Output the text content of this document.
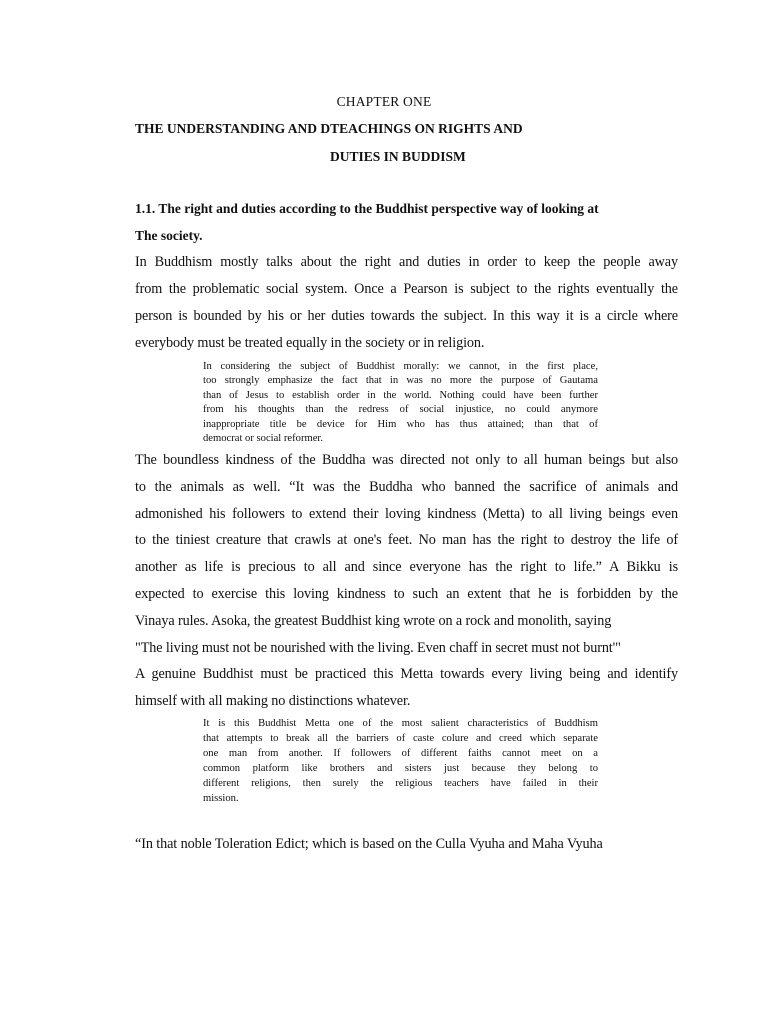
CHAPTER ONE
THE UNDERSTANDING AND DTEACHINGS ON RIGHTS AND
DUTIES IN BUDDISM
1.1. The right and duties according to the Buddhist perspective way of looking at
The society.
In Buddhism mostly talks about the right and duties in order to keep the people away
from the problematic social system. Once a Pearson is subject to the rights eventually the
person is bounded by his or her duties towards the subject. In this way it is a circle where
everybody must be treated equally in the society or in religion.
In considering the subject of Buddhist morally: we cannot, in the first place,
too strongly emphasize the fact that in was no more the purpose of Gautama
than of Jesus to establish order in the world. Nothing could have been further
from his thoughts than the redress of social injustice, no could anymore
inappropriate title be device for Him who has thus attained; than that of
democrat or social reformer.
The boundless kindness of the Buddha was directed not only to all human beings but also
to the animals as well. “It was the Buddha who banned the sacrifice of animals and
admonished his followers to extend their loving kindness (Metta) to all living beings even
to the tiniest creature that crawls at one's feet. No man has the right to destroy the life of
another as life is precious to all and since everyone has the right to life.” A Bikku is
expected to exercise this loving kindness to such an extent that he is forbidden by the
Vinaya rules. Asoka, the greatest Buddhist king wrote on a rock and monolith, saying
"The living must not be nourished with the living. Even chaff in secret must not burnt'"
A genuine Buddhist must be practiced this Metta towards every living being and identify
himself with all making no distinctions whatever.
It is this Buddhist Metta one of the most salient characteristics of Buddhism
that attempts to break all the barriers of caste colure and creed which separate
one man from another. If followers of different faiths cannot meet on a
common platform like brothers and sisters just because they belong to
different religions, then surely the religious teachers have failed in their
mission.
“In that noble Toleration Edict; which is based on the Culla Vyuha and Maha Vyuha
